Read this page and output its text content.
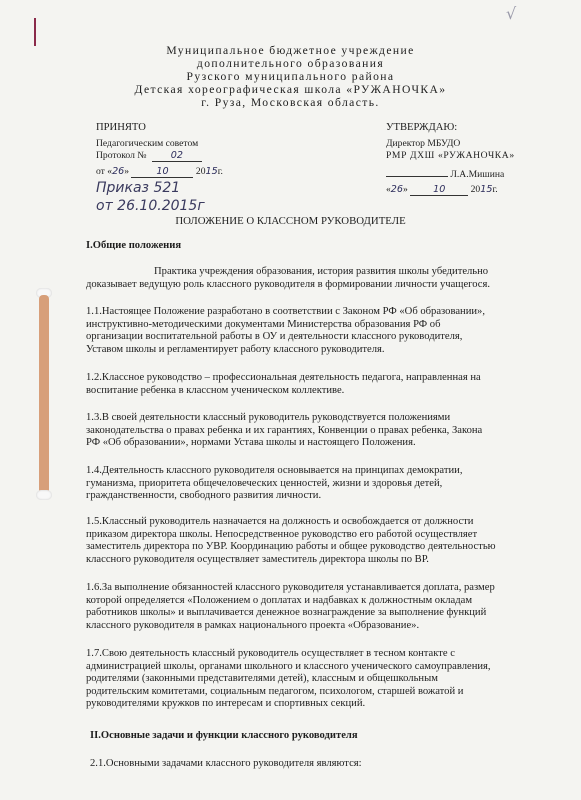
√
Муниципальное бюджетное учреждение
дополнительного образования
Рузского муниципального района
Детская хореографическая школа «РУЖАНОЧКА»
г. Руза, Московская область.
ПРИНЯТО
Педагогическим советом
Протокол №	02
от «26»	10	2015г.
УТВЕРЖДАЮ:
Директор МБУДО
РМР ДХШ «РУЖАНОЧКА»
Л.А.Мишина
«26»	10	2015г.
Приказ 521
от 26.10.2015г
ПОЛОЖЕНИЕ О КЛАССНОМ РУКОВОДИТЕЛЕ
I.Общие положения
Практика учреждения образования, история развития школы убедительно
доказывает ведущую роль классного руководителя в формировании личности учащегося.
1.1.Настоящее Положение разработано в соответствии с Законом РФ «Об образовании»,
инструктивно-методическими документами Министерства образования РФ об
организации воспитательной работы в ОУ и деятельности классного руководителя,
Уставом школы и регламентирует работу классного руководителя.
1.2.Классное руководство – профессиональная деятельность педагога, направленная на
воспитание ребенка в классном ученическом коллективе.
1.3.В своей деятельности классный руководитель руководствуется положениями
законодательства о правах ребенка и их гарантиях, Конвенции о правах ребенка, Закона
РФ «Об образовании», нормами Устава школы и настоящего Положения.
1.4.Деятельность классного руководителя основывается на принципах демократии,
гуманизма, приоритета общечеловеческих ценностей, жизни и здоровья детей,
гражданственности, свободного развития личности.
1.5.Классный руководитель назначается на должность и освобождается от должности
приказом директора школы. Непосредственное руководство его работой осуществляет
заместитель директора по УВР. Координацию работы и общее руководство деятельностью
классного руководителя осуществляет заместитель директора школы по ВР.
1.6.За выполнение обязанностей классного руководителя устанавливается доплата, размер
которой определяется «Положением о доплатах и надбавках к должностным окладам
работников школы» и выплачивается денежное вознаграждение за выполнение функций
классного руководителя в рамках национального проекта «Образование».
1.7.Свою деятельность классный руководитель осуществляет в тесном контакте с
администрацией школы, органами школьного и классного ученического самоуправления,
родителями (законными представителями детей), классным и общешкольным
родительским комитетами, социальным педагогом, психологом, старшей вожатой и
руководителями кружков по интересам и спортивных секций.
II.Основные задачи и функции классного руководителя
2.1.Основными задачами классного руководителя являются:
